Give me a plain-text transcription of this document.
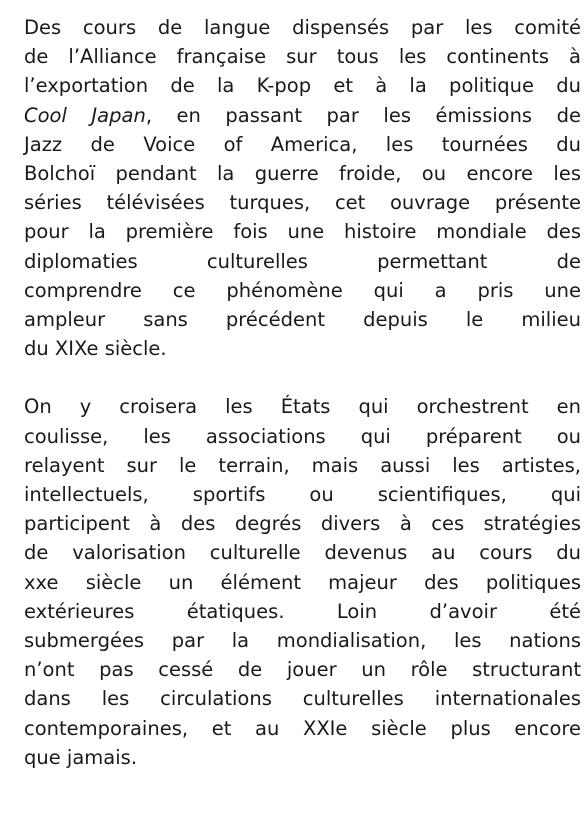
Des cours de langue dispensés par les comité
de l’Alliance française sur tous les continents à
l’exportation de la K-pop et à la politique du
Cool Japan, en passant par les émissions de
Jazz de Voice of America, les tournées du
Bolchoï pendant la guerre froide, ou encore les
séries télévisées turques, cet ouvrage présente
pour la première fois une histoire mondiale des
diplomaties culturelles permettant de
comprendre ce phénomène qui a pris une
ampleur sans précédent depuis le milieu
du XIXe siècle.
On y croisera les États qui orchestrent en
coulisse, les associations qui préparent ou
relayent sur le terrain, mais aussi les artistes,
intellectuels, sportifs ou scientifiques, qui
participent à des degrés divers à ces stratégies
de valorisation culturelle devenus au cours du
xxe siècle un élément majeur des politiques
extérieures étatiques. Loin d’avoir été
submergées par la mondialisation, les nations
n’ont pas cessé de jouer un rôle structurant
dans les circulations culturelles internationales
contemporaines, et au XXIe siècle plus encore
que jamais.
